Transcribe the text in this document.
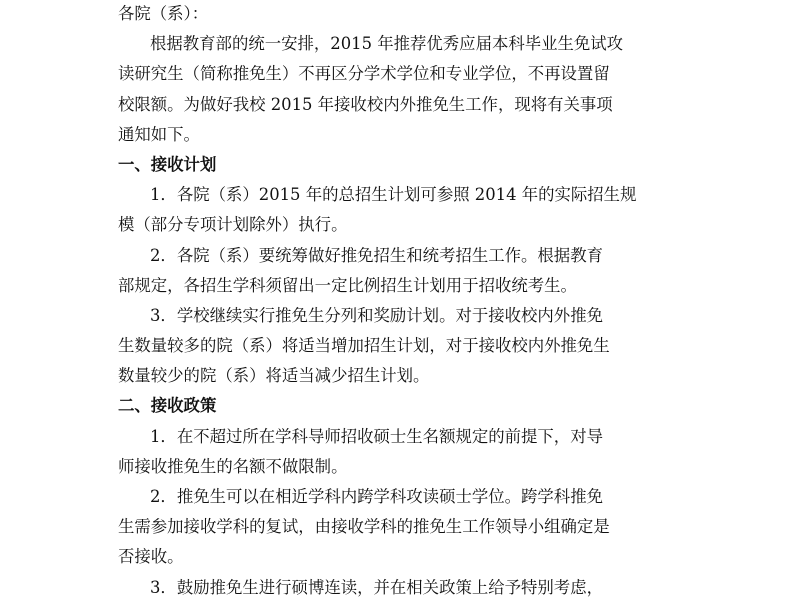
各院（系）：
根据教育部的统一安排，2015 年推荐优秀应届本科毕业生免试攻
读研究生（简称推免生）不再区分学术学位和专业学位，不再设置留
校限额。为做好我校 2015 年接收校内外推免生工作，现将有关事项
通知如下。
一、接收计划
1．各院（系）2015 年的总招生计划可参照 2014 年的实际招生规
模（部分专项计划除外）执行。
2．各院（系）要统筹做好推免招生和统考招生工作。根据教育
部规定，各招生学科须留出一定比例招生计划用于招收统考生。
3．学校继续实行推免生分列和奖励计划。对于接收校内外推免
生数量较多的院（系）将适当增加招生计划，对于接收校内外推免生
数量较少的院（系）将适当减少招生计划。
二、接收政策
1．在不超过所在学科导师招收硕士生名额规定的前提下，对导
师接收推免生的名额不做限制。
2．推免生可以在相近学科内跨学科攻读硕士学位。跨学科推免
生需参加接收学科的复试，由接收学科的推免生工作领导小组确定是
否接收。
3．鼓励推免生进行硕博连读，并在相关政策上给予特别考虑，
